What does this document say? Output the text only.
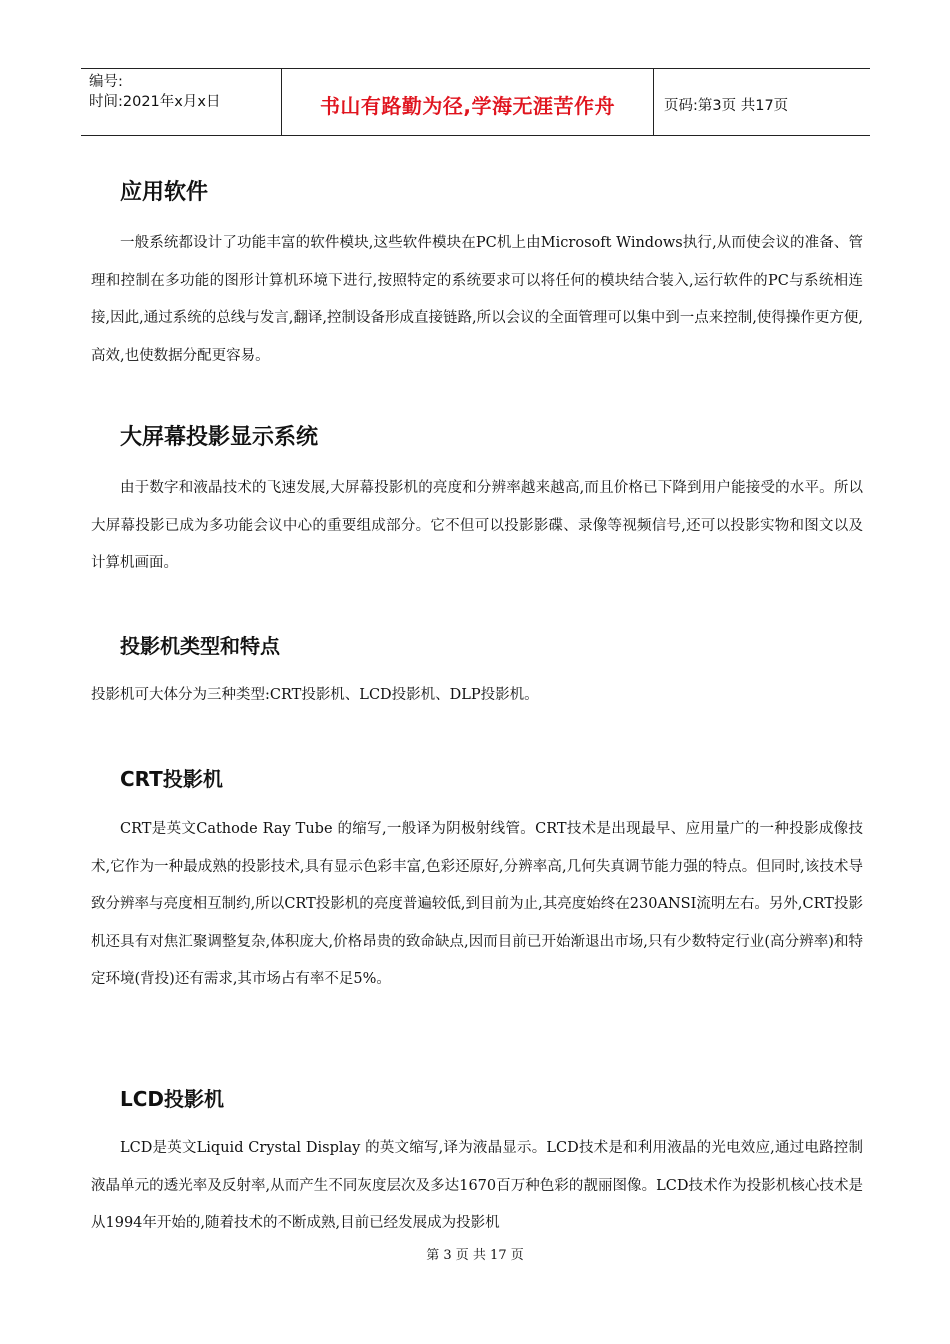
编号:
时间:2021年x月x日	书山有路勤为径,学海无涯苦作舟	页码:第3页 共17页
应用软件

一般系统都设计了功能丰富的软件模块,这些软件模块在PC机上由Microsoft Windows执行,从而使会议的准备、管理和控制在多功能的图形计算机环境下进行,按照特定的系统要求可以将任何的模块结合装入,运行软件的PC与系统相连接,因此,通过系统的总线与发言,翻译,控制设备形成直接链路,所以会议的全面管理可以集中到一点来控制,使得操作更方便,高效,也使数据分配更容易。

大屏幕投影显示系统

由于数字和液晶技术的飞速发展,大屏幕投影机的亮度和分辨率越来越高,而且价格已下降到用户能接受的水平。所以大屏幕投影已成为多功能会议中心的重要组成部分。它不但可以投影影碟、录像等视频信号,还可以投影实物和图文以及计算机画面。

投影机类型和特点

投影机可大体分为三种类型:CRT投影机、LCD投影机、DLP投影机。

CRT投影机

CRT是英文Cathode Ray Tube 的缩写,一般译为阴极射线管。CRT技术是出现最早、应用量广的一种投影成像技术,它作为一种最成熟的投影技术,具有显示色彩丰富,色彩还原好,分辨率高,几何失真调节能力强的特点。但同时,该技术导致分辨率与亮度相互制约,所以CRT投影机的亮度普遍较低,到目前为止,其亮度始终在230ANSI流明左右。另外,CRT投影机还具有对焦汇聚调整复杂,体积庞大,价格昂贵的致命缺点,因而目前已开始渐退出市场,只有少数特定行业(高分辨率)和特定环境(背投)还有需求,其市场占有率不足5%。

LCD投影机

LCD是英文Liquid Crystal Display 的英文缩写,译为液晶显示。LCD技术是和利用液晶的光电效应,通过电路控制液晶单元的透光率及反射率,从而产生不同灰度层次及多达1670百万种色彩的靓丽图像。LCD技术作为投影机核心技术是从1994年开始的,随着技术的不断成熟,目前已经发展成为投影机

第 3 页 共 17 页
